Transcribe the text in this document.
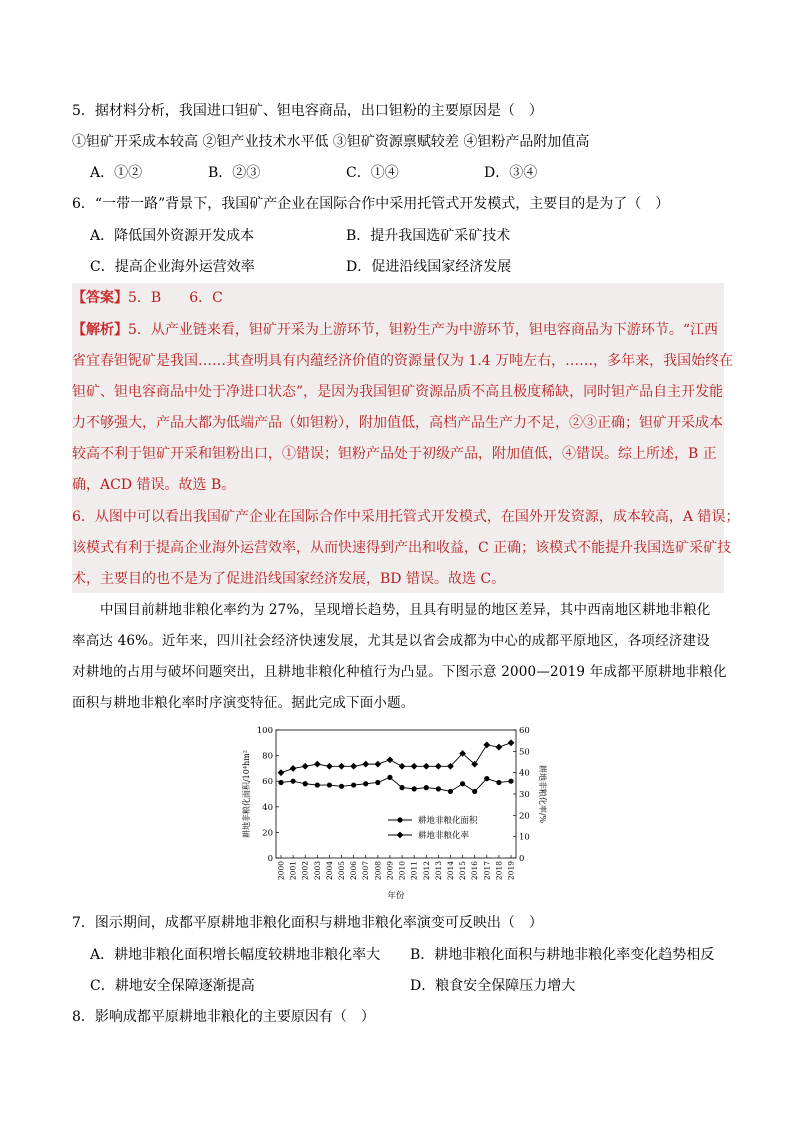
5．据材料分析，我国进口钽矿、钽电容商品，出口钽粉的主要原因是（　）
①钽矿开采成本较高 ②钽产业技术水平低 ③钽矿资源禀赋较差 ④钽粉产品附加值高
A．①②	B．②③	C．①④	D．③④
6．“一带一路”背景下，我国矿产企业在国际合作中采用托管式开发模式，主要目的是为了（　）
A．降低国外资源开发成本	B．提升我国选矿采矿技术
C．提高企业海外运营效率	D．促进沿线国家经济发展
【答案】5．B　　6．C
【解析】5．从产业链来看，钽矿开采为上游环节，钽粉生产为中游环节，钽电容商品为下游环节。“江西
省宜春钽铌矿是我国……其查明具有内蕴经济价值的资源量仅为 1.4 万吨左右，……，多年来，我国始终在
钽矿、钽电容商品中处于净进口状态”，是因为我国钽矿资源品质不高且极度稀缺，同时钽产品自主开发能
力不够强大，产品大都为低端产品（如钽粉），附加值低，高档产品生产力不足，②③正确；钽矿开采成本
较高不利于钽矿开采和钽粉出口，①错误；钽粉产品处于初级产品，附加值低，④错误。综上所述，B 正
确，ACD 错误。故选 B。
6．从图中可以看出我国矿产企业在国际合作中采用托管式开发模式，在国外开发资源，成本较高，A 错误；
该模式有利于提高企业海外运营效率，从而快速得到产出和收益，C 正确；该模式不能提升我国选矿采矿技
术，主要目的也不是为了促进沿线国家经济发展，BD 错误。故选 C。
中国目前耕地非粮化率约为 27%，呈现增长趋势，且具有明显的地区差异，其中西南地区耕地非粮化
率高达 46%。近年来，四川社会经济快速发展，尤其是以省会成都为中心的成都平原地区，各项经济建设
对耕地的占用与破坏问题突出，且耕地非粮化种植行为凸显。下图示意 2000—2019 年成都平原耕地非粮化
面积与耕地非粮化率时序演变特征。据此完成下面小题。
0
20
40
60
80
100
0
10
20
30
40
50
60
2000 2001 2002 2003 2004 2005 2006 2007 2008 2009 2010 2011 2012 2013 2014 2015 2016 2017 2018 2019
年份
耕地非粮化面积/10⁴hm²	耕地非粮化率/%
耕地非粮化面积
耕地非粮化率
7．图示期间，成都平原耕地非粮化面积与耕地非粮化率演变可反映出（　）
A．耕地非粮化面积增长幅度较耕地非粮化率大 B．耕地非粮化面积与耕地非粮化率变化趋势相反
C．耕地安全保障逐渐提高	D．粮食安全保障压力增大
8．影响成都平原耕地非粮化的主要原因有（　）
